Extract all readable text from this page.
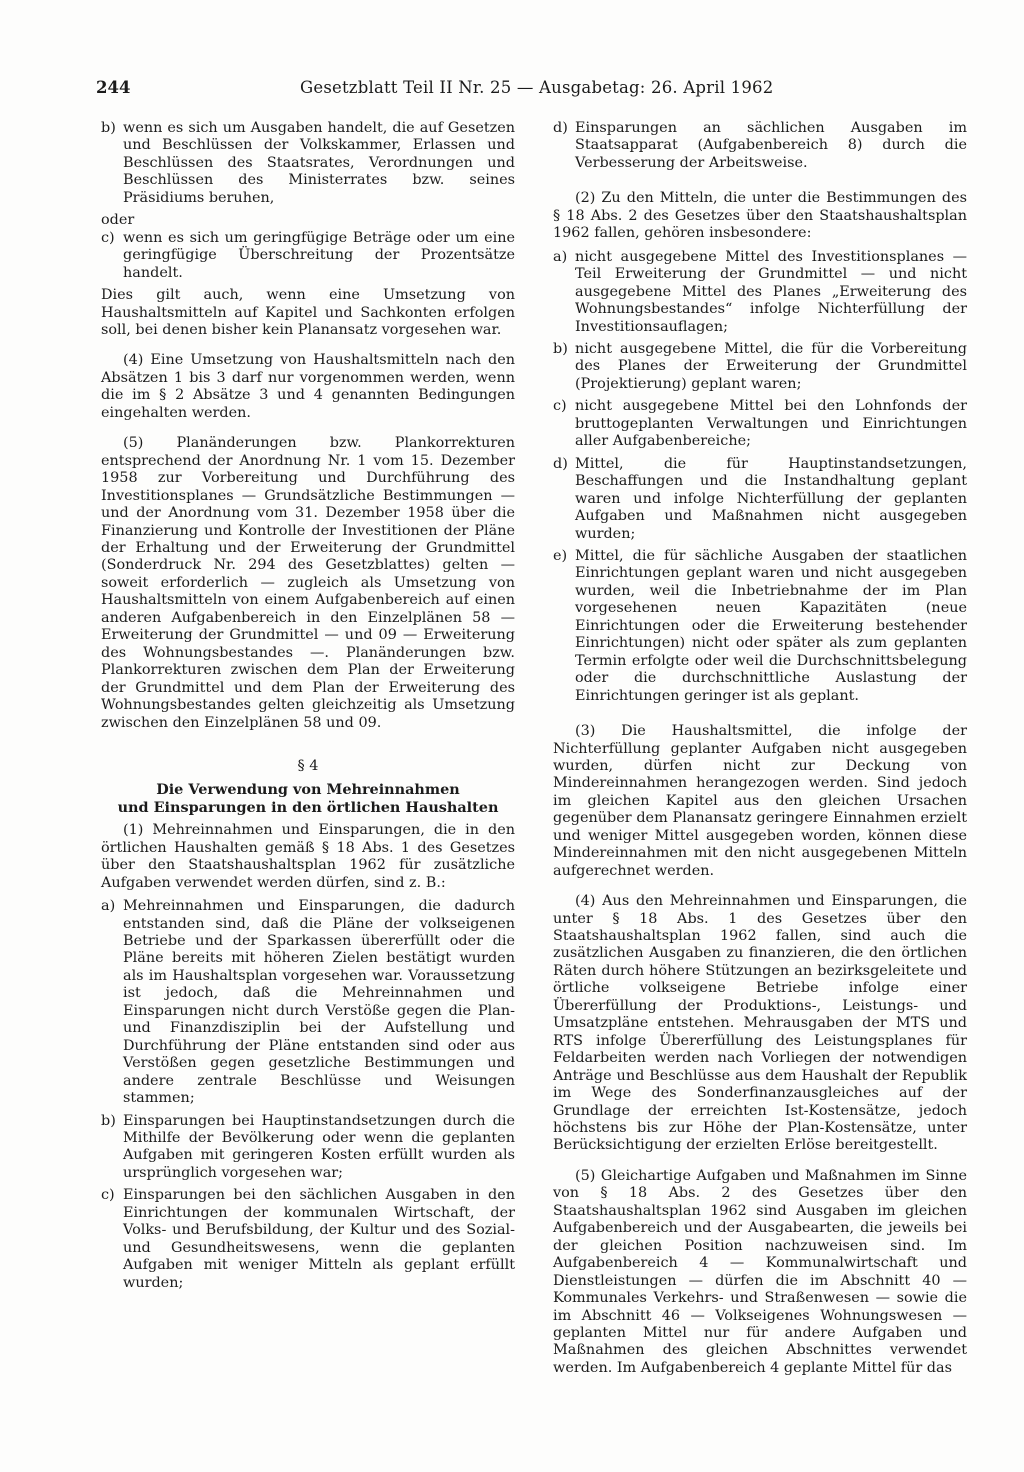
244	Gesetzblatt Teil II Nr. 25 — Ausgabetag: 26. April 1962
b) wenn es sich um Ausgaben handelt, die auf Gesetzen und Beschlüssen der Volkskammer, Erlassen und Beschlüssen des Staatsrates, Verordnungen und Beschlüssen des Ministerrates bzw. seines Präsidiums beruhen,

oder

c) wenn es sich um geringfügige Beträge oder um eine geringfügige Überschreitung der Prozentsätze handelt.

Dies gilt auch, wenn eine Umsetzung von Haushaltsmitteln auf Kapitel und Sachkonten erfolgen soll, bei denen bisher kein Planansatz vorgesehen war.

(4) Eine Umsetzung von Haushaltsmitteln nach den Absätzen 1 bis 3 darf nur vorgenommen werden, wenn die im § 2 Absätze 3 und 4 genannten Bedingungen eingehalten werden.

(5) Planänderungen bzw. Plankorrekturen entsprechend der Anordnung Nr. 1 vom 15. Dezember 1958 zur Vorbereitung und Durchführung des Investitionsplanes — Grundsätzliche Bestimmungen — und der Anordnung vom 31. Dezember 1958 über die Finanzierung und Kontrolle der Investitionen der Pläne der Erhaltung und der Erweiterung der Grundmittel (Sonderdruck Nr. 294 des Gesetzblattes) gelten — soweit erforderlich — zugleich als Umsetzung von Haushaltsmitteln von einem Aufgabenbereich auf einen anderen Aufgabenbereich in den Einzelplänen 58 — Erweiterung der Grundmittel — und 09 — Erweiterung des Wohnungsbestandes —. Planänderungen bzw. Plankorrekturen zwischen dem Plan der Erweiterung der Grundmittel und dem Plan der Erweiterung des Wohnungsbestandes gelten gleichzeitig als Umsetzung zwischen den Einzelplänen 58 und 09.

§ 4

Die Verwendung von Mehreinnahmen

und Einsparungen in den örtlichen Haushalten

(1) Mehreinnahmen und Einsparungen, die in den örtlichen Haushalten gemäß § 18 Abs. 1 des Gesetzes über den Staatshaushaltsplan 1962 für zusätzliche Aufgaben verwendet werden dürfen, sind z. B.:

a) Mehreinnahmen und Einsparungen, die dadurch entstanden sind, daß die Pläne der volkseigenen Betriebe und der Sparkassen übererfüllt oder die Pläne bereits mit höheren Zielen bestätigt wurden als im Haushaltsplan vorgesehen war. Voraussetzung ist jedoch, daß die Mehreinnahmen und Einsparungen nicht durch Verstöße gegen die Plan- und Finanzdisziplin bei der Aufstellung und Durchführung der Pläne entstanden sind oder aus Verstößen gegen gesetzliche Bestimmungen und andere zentrale Beschlüsse und Weisungen stammen;
b) Einsparungen bei Hauptinstandsetzungen durch die Mithilfe der Bevölkerung oder wenn die geplanten Aufgaben mit geringeren Kosten erfüllt wurden als ursprünglich vorgesehen war;
c) Einsparungen bei den sächlichen Ausgaben in den Einrichtungen der kommunalen Wirtschaft, der Volks- und Berufsbildung, der Kultur und des Sozial- und Gesundheitswesens, wenn die geplanten Aufgaben mit weniger Mitteln als geplant erfüllt wurden;
d) Einsparungen an sächlichen Ausgaben im Staatsapparat (Aufgabenbereich 8) durch die Verbesserung der Arbeitsweise.

(2) Zu den Mitteln, die unter die Bestimmungen des § 18 Abs. 2 des Gesetzes über den Staatshaushaltsplan 1962 fallen, gehören insbesondere:

a) nicht ausgegebene Mittel des Investitionsplanes — Teil Erweiterung der Grundmittel — und nicht ausgegebene Mittel des Planes „Erweiterung des Wohnungsbestandes“ infolge Nichterfüllung der Investitionsauflagen;
b) nicht ausgegebene Mittel, die für die Vorbereitung des Planes der Erweiterung der Grundmittel (Projektierung) geplant waren;
c) nicht ausgegebene Mittel bei den Lohnfonds der bruttogeplanten Verwaltungen und Einrichtungen aller Aufgabenbereiche;
d) Mittel, die für Hauptinstandsetzungen, Beschaffungen und die Instandhaltung geplant waren und infolge Nichterfüllung der geplanten Aufgaben und Maßnahmen nicht ausgegeben wurden;
e) Mittel, die für sächliche Ausgaben der staatlichen Einrichtungen geplant waren und nicht ausgegeben wurden, weil die Inbetriebnahme der im Plan vorgesehenen neuen Kapazitäten (neue Einrichtungen oder die Erweiterung bestehender Einrichtungen) nicht oder später als zum geplanten Termin erfolgte oder weil die Durchschnittsbelegung oder die durchschnittliche Auslastung der Einrichtungen geringer ist als geplant.

(3) Die Haushaltsmittel, die infolge der Nichterfüllung geplanter Aufgaben nicht ausgegeben wurden, dürfen nicht zur Deckung von Mindereinnahmen herangezogen werden. Sind jedoch im gleichen Kapitel aus den gleichen Ursachen gegenüber dem Planansatz geringere Einnahmen erzielt und weniger Mittel ausgegeben worden, können diese Mindereinnahmen mit den nicht ausgegebenen Mitteln aufgerechnet werden.

(4) Aus den Mehreinnahmen und Einsparungen, die unter § 18 Abs. 1 des Gesetzes über den Staatshaushaltsplan 1962 fallen, sind auch die zusätzlichen Ausgaben zu finanzieren, die den örtlichen Räten durch höhere Stützungen an bezirksgeleitete und örtliche volkseigene Betriebe infolge einer Übererfüllung der Produktions-, Leistungs- und Umsatzpläne entstehen. Mehrausgaben der MTS und RTS infolge Übererfüllung des Leistungsplanes für Feldarbeiten werden nach Vorliegen der notwendigen Anträge und Beschlüsse aus dem Haushalt der Republik im Wege des Sonderfinanzausgleiches auf der Grundlage der erreichten Ist-Kostensätze, jedoch höchstens bis zur Höhe der Plan-Kostensätze, unter Berücksichtigung der erzielten Erlöse bereitgestellt.

(5) Gleichartige Aufgaben und Maßnahmen im Sinne von § 18 Abs. 2 des Gesetzes über den Staatshaushaltsplan 1962 sind Ausgaben im gleichen Aufgabenbereich und der Ausgabearten, die jeweils bei der gleichen Position nachzuweisen sind. Im Aufgabenbereich 4 — Kommunalwirtschaft und Dienstleistungen — dürfen die im Abschnitt 40 — Kommunales Verkehrs- und Straßenwesen — sowie die im Abschnitt 46 — Volkseigenes Wohnungswesen — geplanten Mittel nur für andere Aufgaben und Maßnahmen des gleichen Abschnittes verwendet werden. Im Aufgabenbereich 4 geplante Mittel für das
